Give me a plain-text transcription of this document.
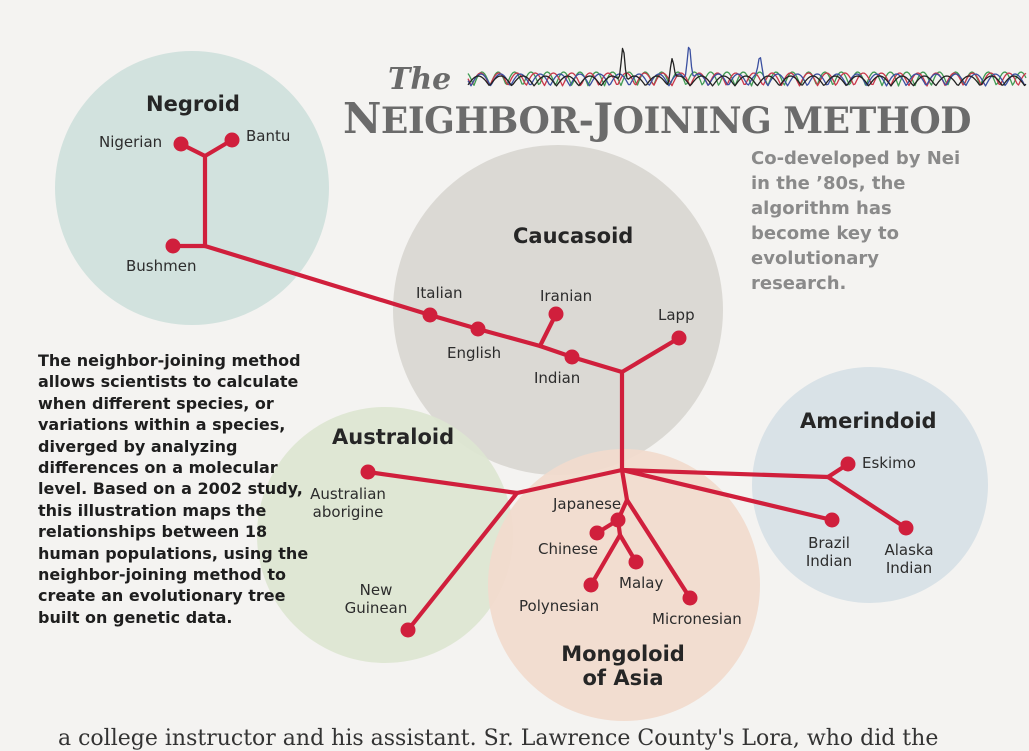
The
NEIGHBOR-JOINING METHOD
Co-developed by Nei in the ’80s, the algorithm has become key to evolutionary research.
The neighbor-joining method allows scientists to calculate when different species, or variations within a species, diverged by analyzing differences on a molecular level. Based on a 2002 study, this illustration maps the relationships between 18 human populations, using the neighbor-joining method to create an evolutionary tree built on genetic data.
Negroid
Caucasoid
Australoid
Mongoloid
of Asia
Amerindoid
Nigerian	Bantu
Bushmen
Italian
English
Iranian
Indian
Lapp
Australian
aborigine
New
Guinean
Japanese
Chinese
Malay
Polynesian
Micronesian
Eskimo
Brazil
Indian
Alaska
Indian
a college instructor and his assistant. Sr. Lawrence County's Lora, who did the
